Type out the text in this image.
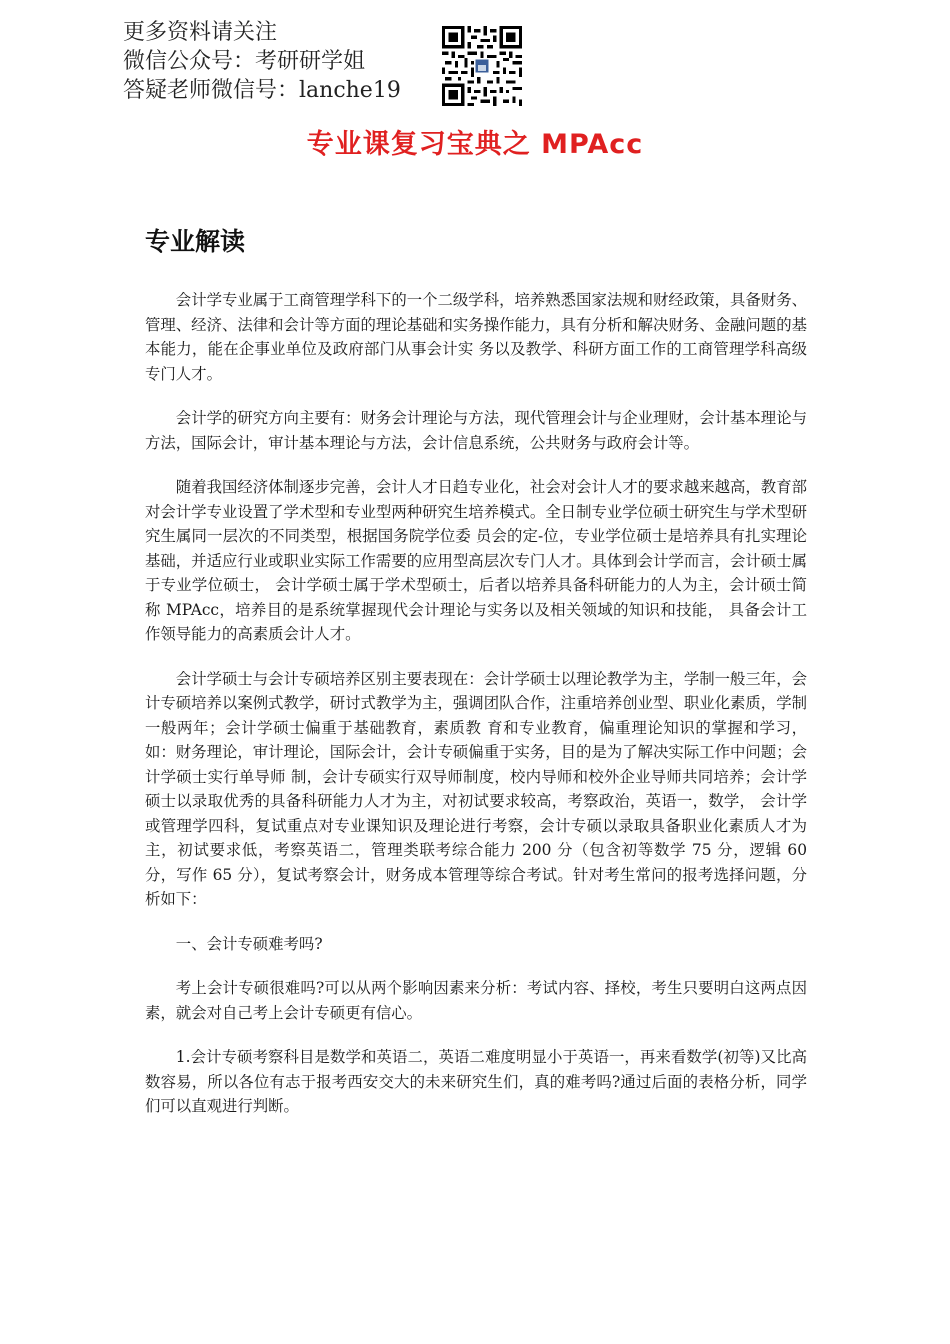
更多资料请关注
微信公众号：考研研学姐
答疑老师微信号：lanche19
专业课复习宝典之 MPAcc
专业解读

会计学专业属于工商管理学科下的一个二级学科，培养熟悉国家法规和财经政策，具备财务、管理、经济、法律和会计等方面的理论基础和实务操作能力，具有分析和解决财务、金融问题的基本能力，能在企事业单位及政府部门从事会计实 务以及教学、科研方面工作的工商管理学科高级专门人才。

会计学的研究方向主要有：财务会计理论与方法，现代管理会计与企业理财，会计基本理论与方法，国际会计，审计基本理论与方法，会计信息系统，公共财务与政府会计等。

随着我国经济体制逐步完善，会计人才日趋专业化，社会对会计人才的要求越来越高，教育部对会计学专业设置了学术型和专业型两种研究生培养模式。全日制专业学位硕士研究生与学术型研究生属同一层次的不同类型，根据国务院学位委 员会的定-位，专业学位硕士是培养具有扎实理论基础，并适应行业或职业实际工作需要的应用型高层次专门人才。具体到会计学而言，会计硕士属于专业学位硕士， 会计学硕士属于学术型硕士，后者以培养具备科研能力的人为主，会计硕士简称 MPAcc，培养目的是系统掌握现代会计理论与实务以及相关领域的知识和技能， 具备会计工作领导能力的高素质会计人才。

会计学硕士与会计专硕培养区别主要表现在：会计学硕士以理论教学为主，学制一般三年，会计专硕培养以案例式教学，研讨式教学为主，强调团队合作，注重培养创业型、职业化素质，学制一般两年；会计学硕士偏重于基础教育，素质教 育和专业教育，偏重理论知识的掌握和学习，如：财务理论，审计理论，国际会计，会计专硕偏重于实务，目的是为了解决实际工作中问题；会计学硕士实行单导师 制，会计专硕实行双导师制度，校内导师和校外企业导师共同培养；会计学硕士以录取优秀的具备科研能力人才为主，对初试要求较高，考察政治，英语一，数学， 会计学或管理学四科，复试重点对专业课知识及理论进行考察，会计专硕以录取具备职业化素质人才为主，初试要求低，考察英语二，管理类联考综合能力 200 分（包含初等数学 75 分，逻辑 60 分，写作 65 分），复试考察会计，财务成本管理等综合考试。针对考生常问的报考选择问题，分析如下：

一、会计专硕难考吗?

考上会计专硕很难吗?可以从两个影响因素来分析：考试内容、择校，考生只要明白这两点因素，就会对自己考上会计专硕更有信心。

1.会计专硕考察科目是数学和英语二，英语二难度明显小于英语一，再来看数学(初等)又比高数容易，所以各位有志于报考西安交大的未来研究生们，真的难考吗?通过后面的表格分析，同学们可以直观进行判断。
